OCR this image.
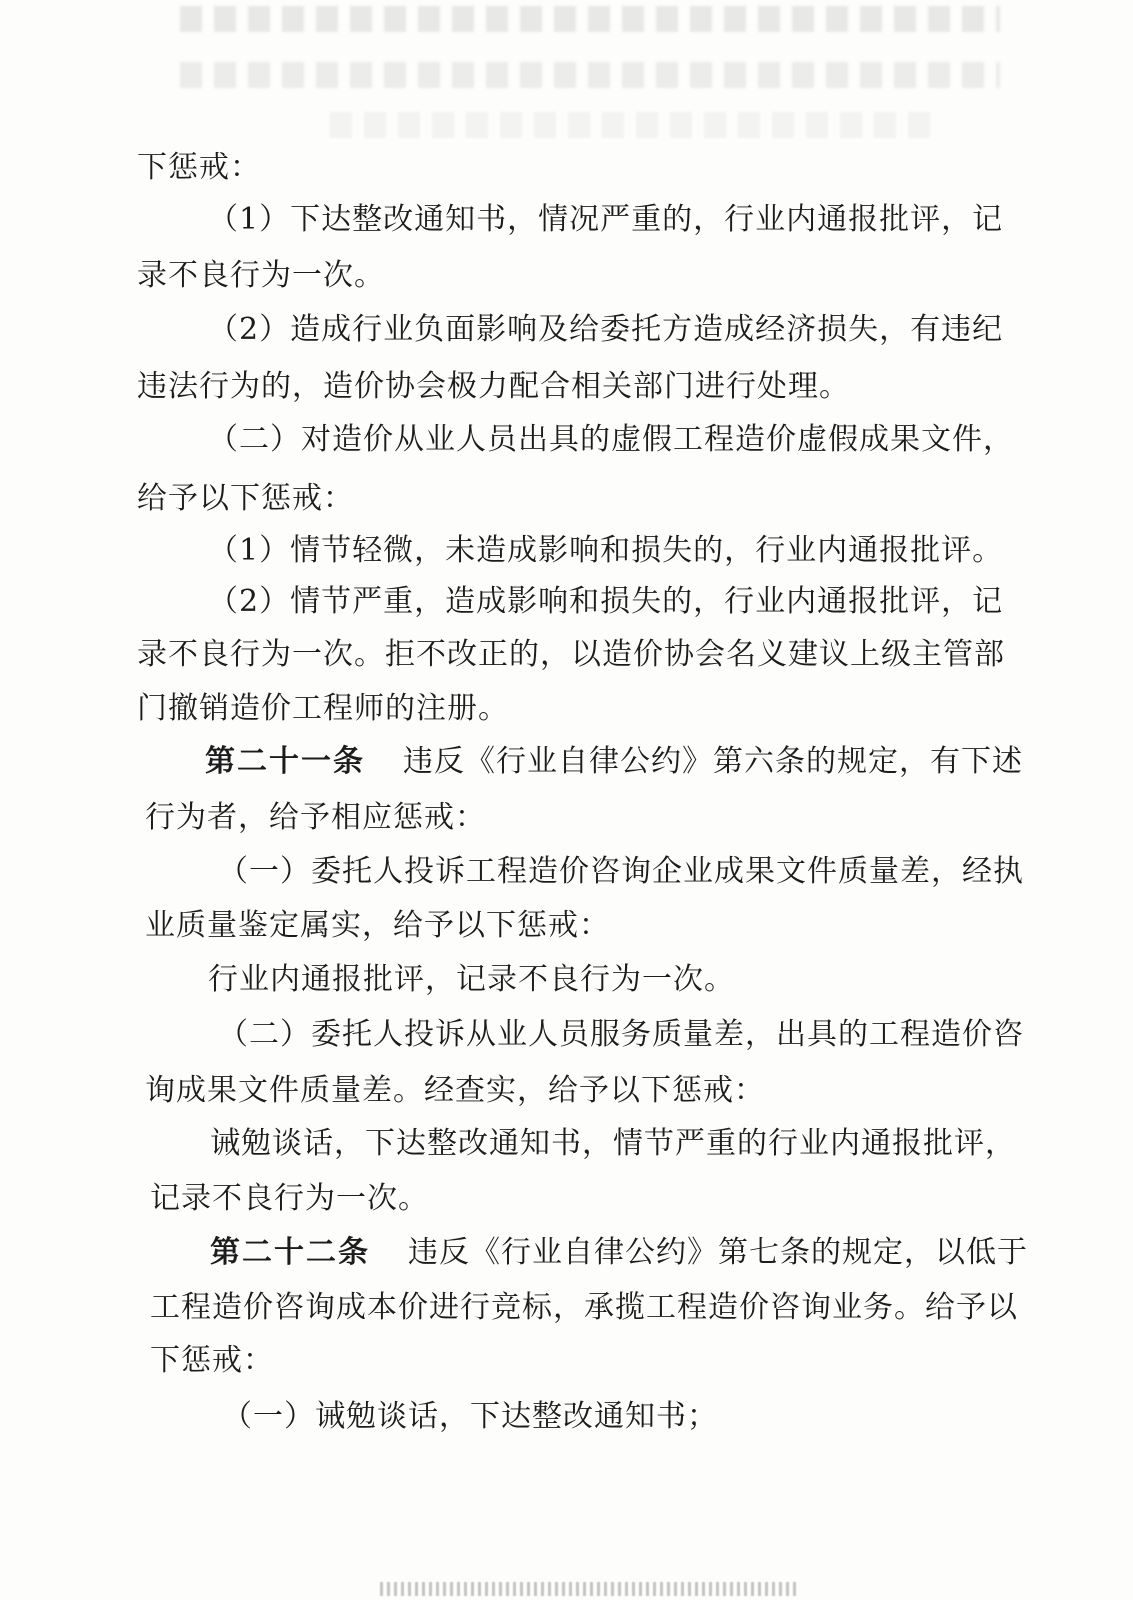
下惩戒：
（1）下达整改通知书，情况严重的，行业内通报批评，记
录不良行为一次。
（2）造成行业负面影响及给委托方造成经济损失，有违纪
违法行为的，造价协会极力配合相关部门进行处理。
（二）对造价从业人员出具的虚假工程造价虚假成果文件，
给予以下惩戒：
（1）情节轻微，未造成影响和损失的，行业内通报批评。
（2）情节严重，造成影响和损失的，行业内通报批评，记
录不良行为一次。拒不改正的，以造价协会名义建议上级主管部
门撤销造价工程师的注册。
第二十一条 违反《行业自律公约》第六条的规定，有下述
行为者，给予相应惩戒：
（一）委托人投诉工程造价咨询企业成果文件质量差，经执
业质量鉴定属实，给予以下惩戒：
行业内通报批评，记录不良行为一次。
（二）委托人投诉从业人员服务质量差，出具的工程造价咨
询成果文件质量差。经查实，给予以下惩戒：
诫勉谈话，下达整改通知书，情节严重的行业内通报批评，
记录不良行为一次。
第二十二条 违反《行业自律公约》第七条的规定，以低于
工程造价咨询成本价进行竞标，承揽工程造价咨询业务。给予以
下惩戒：
（一）诫勉谈话，下达整改通知书；
